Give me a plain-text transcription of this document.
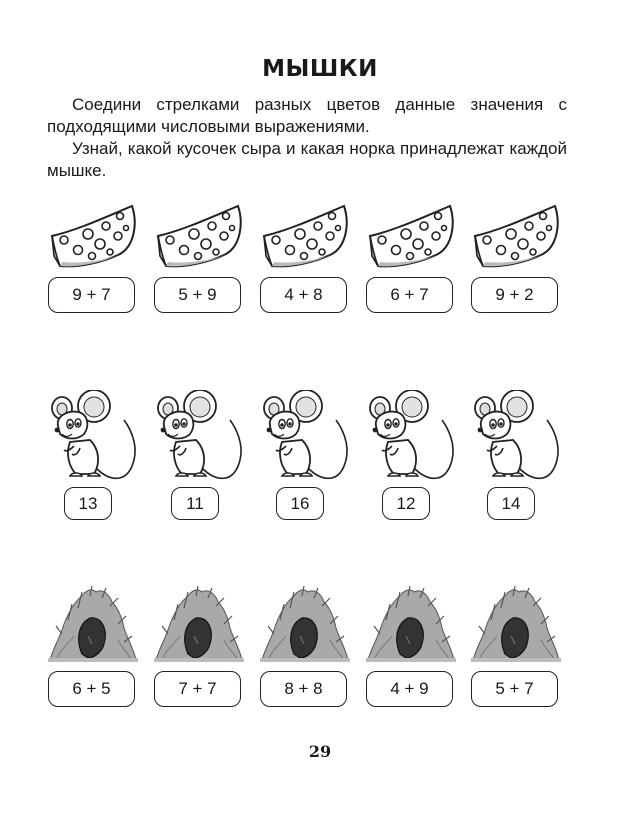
МЫШКИ

Соедини стрелками разных цветов данные значения с подходящими числовыми выражениями.

Узнай, какой кусочек сыра и какая норка принадлежат каждой мышке.

9 + 7	5 + 9	4 + 8	6 + 7	9 + 2
13	11	16	12	14
6 + 5	7 + 7	8 + 8	4 + 9	5 + 7
29
